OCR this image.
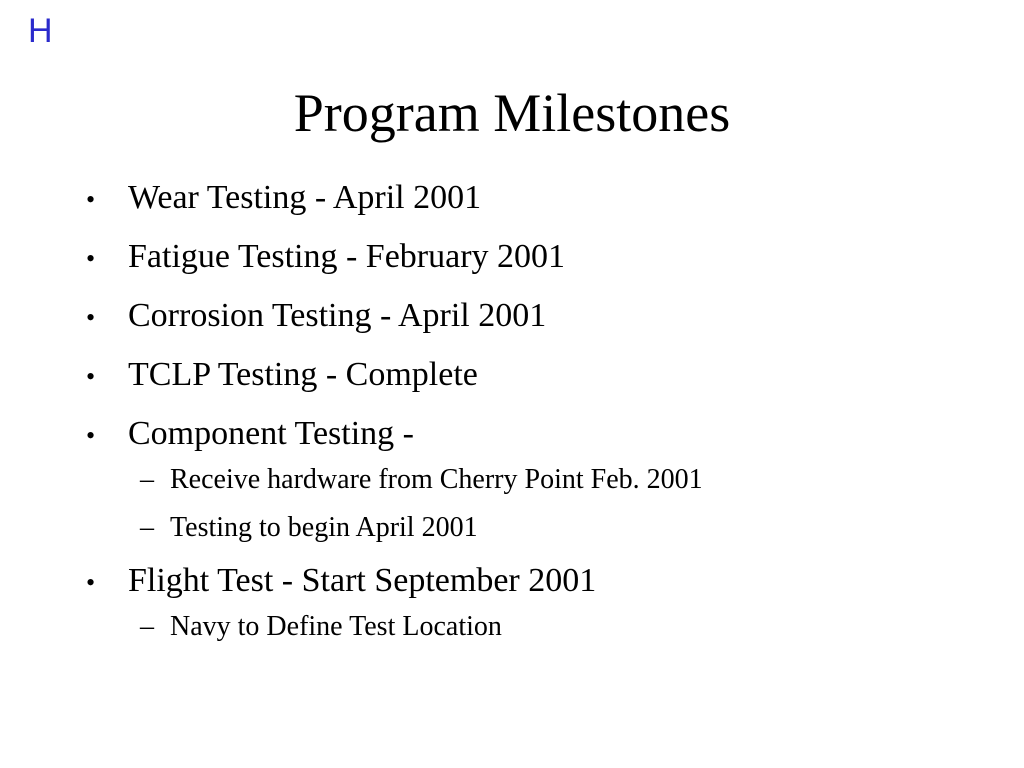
H
Program Milestones
• Wear Testing - April 2001
• Fatigue Testing - February 2001
• Corrosion Testing - April 2001
• TCLP Testing - Complete
• Component Testing -
– Receive hardware from Cherry Point Feb. 2001
– Testing to begin April 2001
• Flight Test - Start September 2001
– Navy to Define Test Location
